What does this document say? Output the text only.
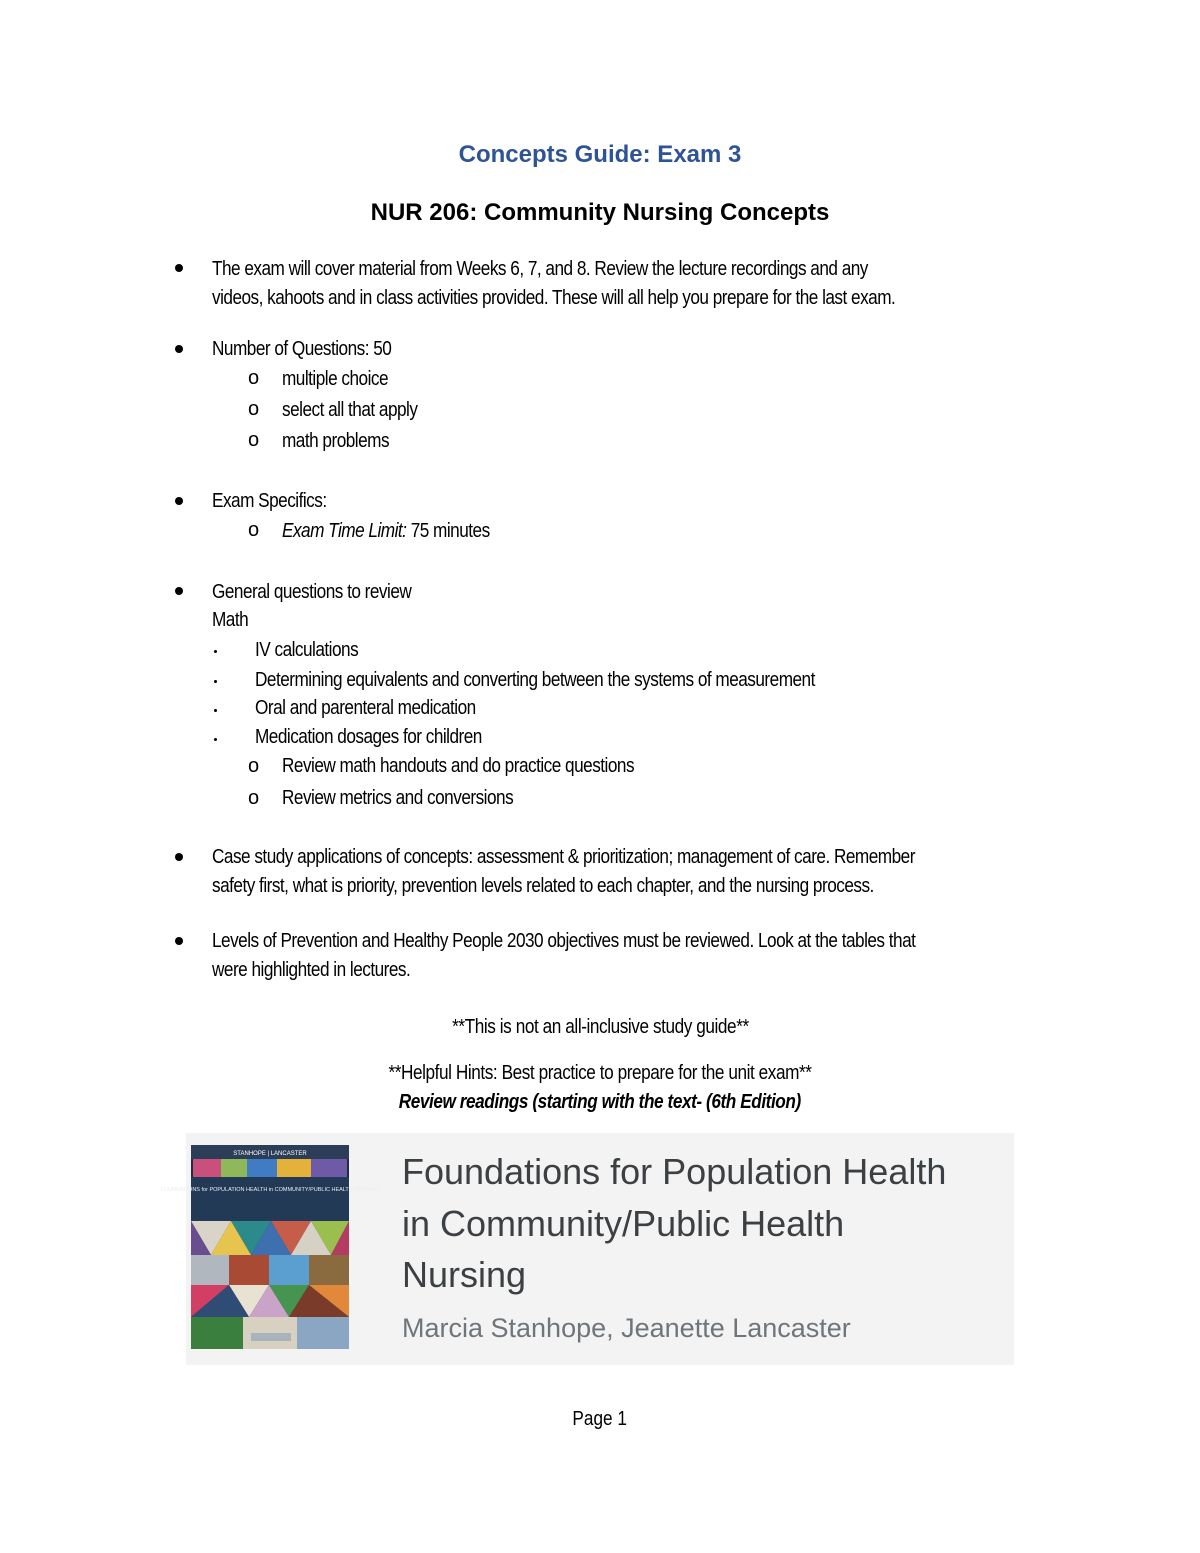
Concepts Guide: Exam 3
NUR 206: Community Nursing Concepts
The exam will cover material from Weeks 6, 7, and 8. Review the lecture recordings and any
videos, kahoots and in class activities provided. These will all help you prepare for the last exam.
Number of Questions: 50
o multiple choice
o select all that apply
o math problems
Exam Specifics:
o Exam Time Limit: 75 minutes
General questions to review
Math
IV calculations
Determining equivalents and converting between the systems of measurement
Oral and parenteral medication
Medication dosages for children
o Review math handouts and do practice questions
o Review metrics and conversions
Case study applications of concepts: assessment & prioritization; management of care. Remember
safety first, what is priority, prevention levels related to each chapter, and the nursing process.
Levels of Prevention and Healthy People 2030 objectives must be reviewed. Look at the tables that
were highlighted in lectures.
**This is not an all-inclusive study guide**
**Helpful Hints: Best practice to prepare for the unit exam**
Review readings (starting with the text- (6th Edition)
STANHOPE | LANCASTER
FOUNDATIONS for POPULATION HEALTH in COMMUNITY/PUBLIC HEALTH NURSING Foundations for Population Health
in Community/Public Health
Nursing
Marcia Stanhope, Jeanette Lancaster
Page 1
